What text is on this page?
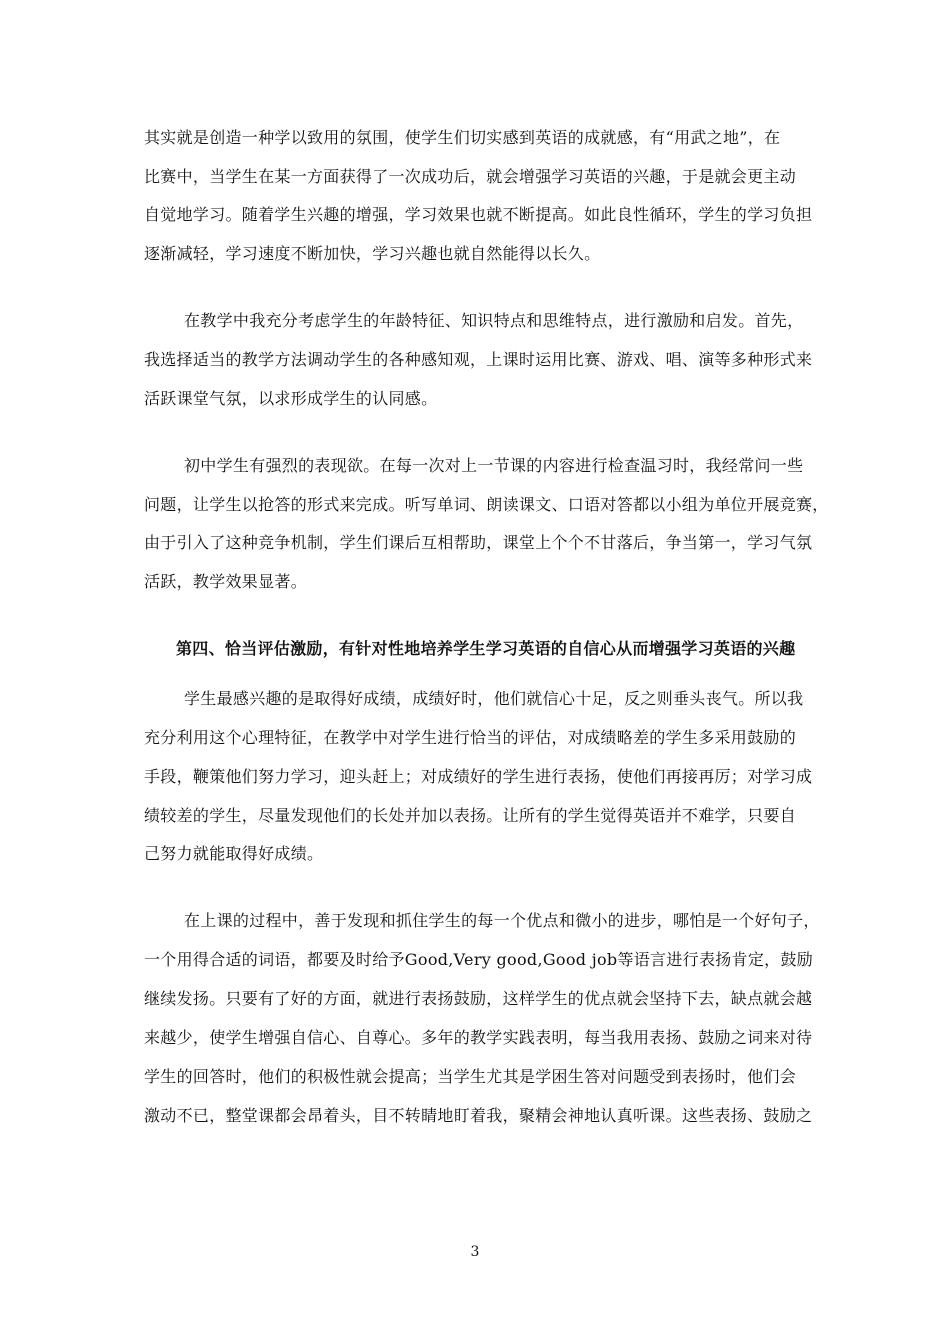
其实就是创造一种学以致用的氛围，使学生们切实感到英语的成就感，有“用武之地”，在
比赛中，当学生在某一方面获得了一次成功后，就会增强学习英语的兴趣，于是就会更主动
自觉地学习。随着学生兴趣的增强，学习效果也就不断提高。如此良性循环，学生的学习负担
逐渐减轻，学习速度不断加快，学习兴趣也就自然能得以长久。
在教学中我充分考虑学生的年龄特征、知识特点和思维特点，进行激励和启发。首先，
我选择适当的教学方法调动学生的各种感知观，上课时运用比赛、游戏、唱、演等多种形式来
活跃课堂气氛，以求形成学生的认同感。
初中学生有强烈的表现欲。在每一次对上一节课的内容进行检查温习时，我经常问一些
问题，让学生以抢答的形式来完成。听写单词、朗读课文、口语对答都以小组为单位开展竞赛，
由于引入了这种竞争机制，学生们课后互相帮助，课堂上个个不甘落后，争当第一，学习气氛
活跃，教学效果显著。
第四、恰当评估激励，有针对性地培养学生学习英语的自信心从而增强学习英语的兴趣
学生最感兴趣的是取得好成绩，成绩好时，他们就信心十足，反之则垂头丧气。所以我
充分利用这个心理特征，在教学中对学生进行恰当的评估，对成绩略差的学生多采用鼓励的
手段，鞭策他们努力学习，迎头赶上；对成绩好的学生进行表扬，使他们再接再厉；对学习成
绩较差的学生，尽量发现他们的长处并加以表扬。让所有的学生觉得英语并不难学，只要自
己努力就能取得好成绩。
在上课的过程中，善于发现和抓住学生的每一个优点和微小的进步，哪怕是一个好句子，
一个用得合适的词语，都要及时给予Good,Very good,Good job等语言进行表扬肯定，鼓励
继续发扬。只要有了好的方面，就进行表扬鼓励，这样学生的优点就会坚持下去，缺点就会越
来越少，使学生增强自信心、自尊心。多年的教学实践表明，每当我用表扬、鼓励之词来对待
学生的回答时，他们的积极性就会提高；当学生尤其是学困生答对问题受到表扬时，他们会
激动不已，整堂课都会昂着头，目不转睛地盯着我，聚精会神地认真听课。这些表扬、鼓励之
3
